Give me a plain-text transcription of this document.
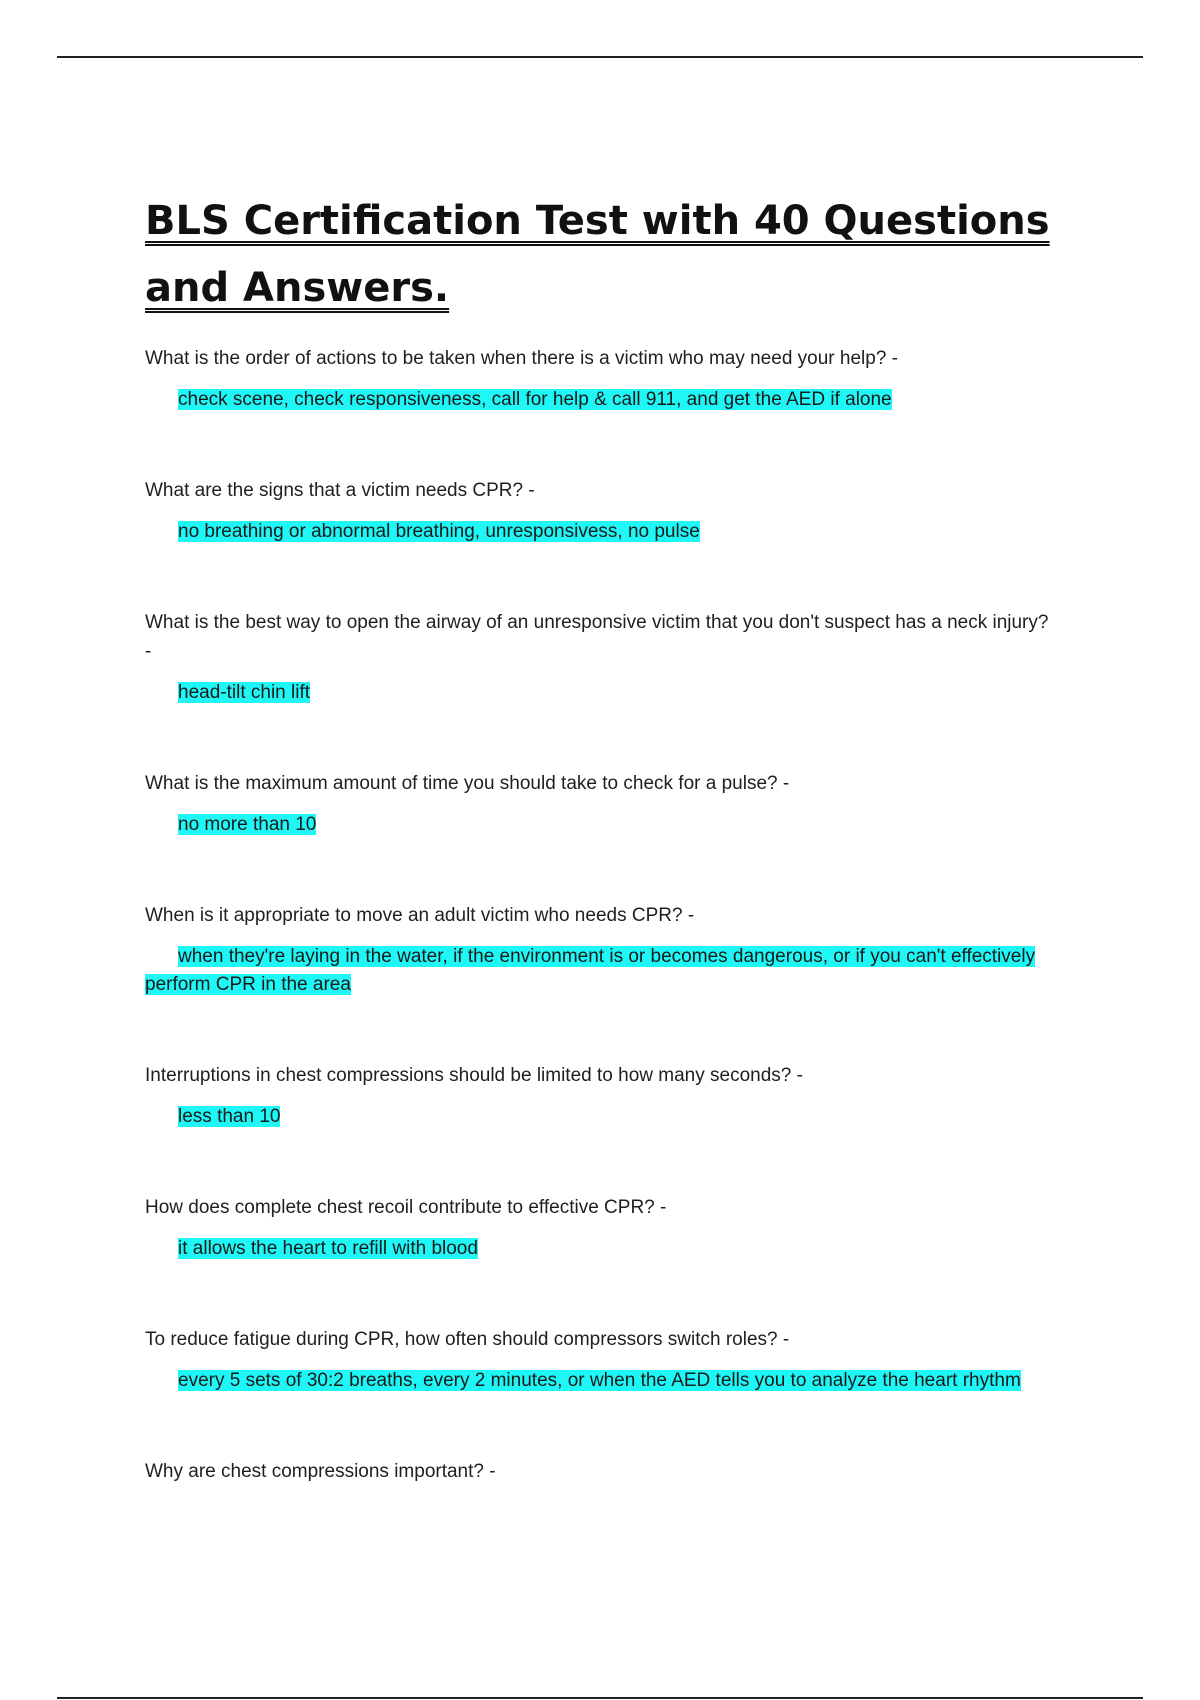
BLS Certification Test with 40 Questions and Answers.
What is the order of actions to be taken when there is a victim who may need your help? -
check scene, check responsiveness, call for help & call 911, and get the AED if alone
What are the signs that a victim needs CPR? -
no breathing or abnormal breathing, unresponsivess, no pulse
What is the best way to open the airway of an unresponsive victim that you don't suspect has a neck injury? -
head-tilt chin lift
What is the maximum amount of time you should take to check for a pulse? -
no more than 10
When is it appropriate to move an adult victim who needs CPR? -
when they're laying in the water, if the environment is or becomes dangerous, or if you can't effectively perform CPR in the area
Interruptions in chest compressions should be limited to how many seconds? -
less than 10
How does complete chest recoil contribute to effective CPR? -
it allows the heart to refill with blood
To reduce fatigue during CPR, how often should compressors switch roles? -
every 5 sets of 30:2 breaths, every 2 minutes, or when the AED tells you to analyze the heart rhythm
Why are chest compressions important? -
